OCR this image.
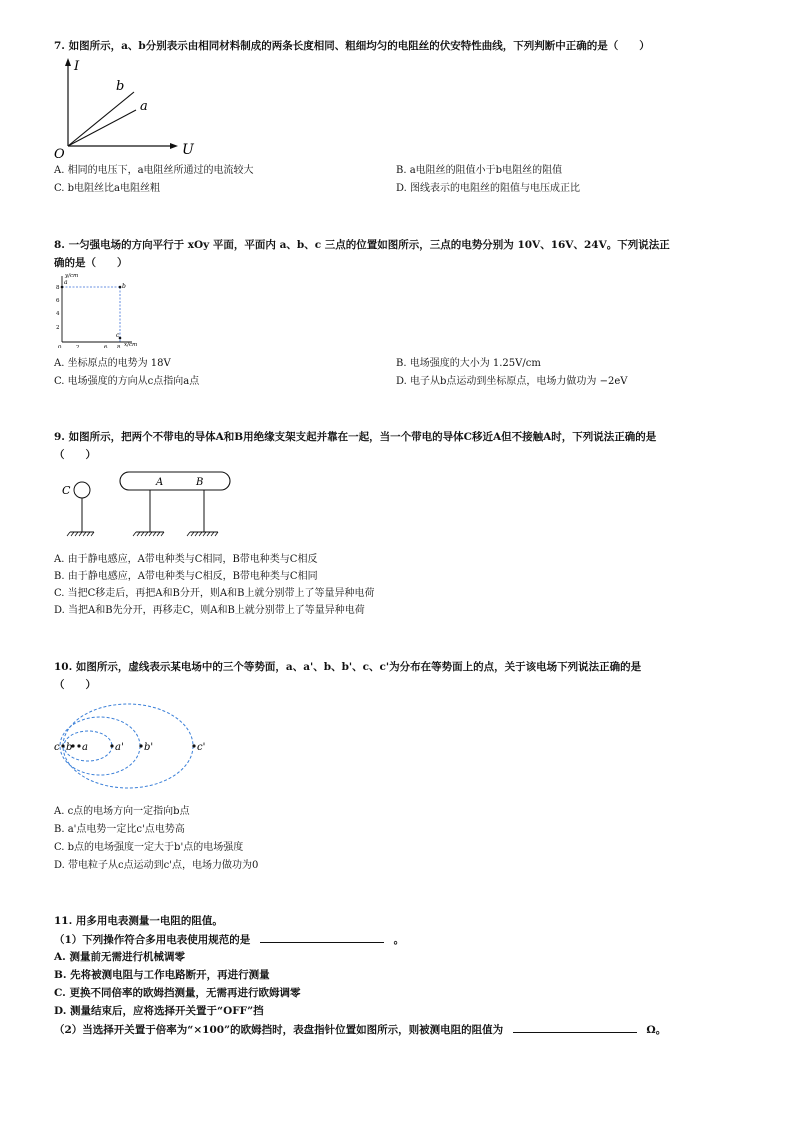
7. 如图所示，a、b分别表示由相同材料制成的两条长度相同、粗细均匀的电阻丝的伏安特性曲线，下列判断中正确的是（　　）
I
U
O
b
a
A. 相同的电压下，a电阻丝所通过的电流较大	B. a电阻丝的阻值小于b电阻丝的阻值
C. b电阻丝比a电阻丝粗	D. 图线表示的电阻丝的阻值与电压成正比
8. 一匀强电场的方向平行于 xOy 平面，平面内 a、b、c 三点的位置如图所示，三点的电势分别为 10V、16V、24V。下列说法正
确的是（　　）
y/cm
x/cm
8
6
4
2
0	2	6 8
a
b
c
A. 坐标原点的电势为 18V	B. 电场强度的大小为 1.25V/cm
C. 电场强度的方向从c点指向a点	D. 电子从b点运动到坐标原点，电场力做功为 −2eV
9. 如图所示，把两个不带电的导体A和B用绝缘支架支起并靠在一起，当一个带电的导体C移近A但不接触A时，下列说法正确的是
（　　）
C
A	B
A. 由于静电感应，A带电种类与C相同，B带电种类与C相反
B. 由于静电感应，A带电种类与C相反，B带电种类与C相同
C. 当把C移走后，再把A和B分开，则A和B上就分别带上了等量异种电荷
D. 当把A和B先分开，再移走C，则A和B上就分别带上了等量异种电荷
10. 如图所示，虚线表示某电场中的三个等势面，a、a'、b、b'、c、c'为分布在等势面上的点，关于该电场下列说法正确的是
（　　）
c b a	a' b'	c'
A. c点的电场方向一定指向b点
B. a'点电势一定比c'点电势高
C. b点的电场强度一定大于b'点的电场强度
D. 带电粒子从c点运动到c'点，电场力做功为0
11. 用多用电表测量一电阻的阻值。
（1）下列操作符合多用电表使用规范的是	。
A. 测量前无需进行机械调零
B. 先将被测电阻与工作电路断开，再进行测量
C. 更换不同倍率的欧姆挡测量，无需再进行欧姆调零
D. 测量结束后，应将选择开关置于“OFF”挡
（2）当选择开关置于倍率为“×100”的欧姆挡时，表盘指针位置如图所示，则被测电阻的阻值为	Ω。
